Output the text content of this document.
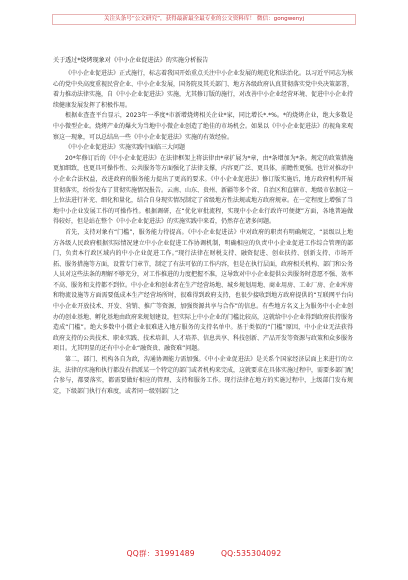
关注头条号“公文研究”，获得最新最全最专业的公文资料库！ 微信：gongwenyj
关于透过*烧烤现象对《中小企业促进法》的实施分析报告

《中小企业促进法》正式施行，标志着我国开始重点关注中小企业发展的规范化和法治化。以习近平同志为核心的党中央高度重视民营企业、中小企业发展，国务院及其关部门、地方各级政府认真贯彻落实党中央决策部署，着力推动法律实施，自《中小企业促进法》实施，尤其修订版的施行，对改善中小企业经营环境、促进中小企业持续健康发展发挥了积极作用。

根据业查查平台显示，2023年一季度*市新增烧烤相关企业*家，同比增长*.*%。*的烧烤企业，绝大多数是中小微型企业。烧烤产业的爆火为当地中小微企业创造了绝佳的市场机会。如果以《中小企业促进法》的视角来观察这一现象，可以总结出一些《中小企业促进法》实施的有效经验。

《中小企业促进法》实施实践中面临三大问题

20*年修订后的《中小企业促进法》在法律框架上将法律由*章扩展为*章，由*条增加为*条。规定的政策措施更加细致，也更具可操作性、公共服务等方面强化了法律支撑，内容更广泛、更具体，前瞻性更强。也针对推动中小企业合法权益，改进政府的服务能力提出了更高的要求。《中小企业促进法》修订版实施后，地方政府机构开展贯彻落实，纷纷发布了贯彻实施情况报告。云南、山东、贵州、新疆等多个省、自治区和直辖市、地级市依据这一上位法进行补充、细化和量化，结合自身现实情况制定了省级地方性法规或地方政府规章。在一定程度上增强了当地中小企业发展工作的可操作性。根据调研，在“优化审批流程，实现中小企业行政许可便捷”方面，各地普遍做得较好，但是站在整个《中小企业促进法》的实施实践中来看，仍然存在诸多问题。

首先，支持对象有“门槛”，服务能力待提高。《中小企业促进法》中对政府的职责有明确规定，“县级以上地方各级人民政府根据实际情况建立中小企业促进工作协调机制，明确相应的负责中小企业促进工作综合管理的部门，负责本行政区域内的中小企业促进工作。”现行法律在财税支持、融资促进、创业扶持、创新支持、市场开拓、服务措施等方面，设置专门章节，制定了有法可依的工作内容，但是在执行层面，政府相关机构、部门和公务人员对这些法条的理解不够充分，对工作推进的力度把握不准，这导致对中小企业提供公共服务时意愿不强、效率不高、服务和支持都不到位。中小企业和创业者在生产经营场地、城乡规划用地、商业用房、工业厂房、企业库房和物流设施等方面需要低成本生产经营场所时，很难得到政府支持，也很少接收到地方政府提供的“互联网平台向中小企业开放技术、开发、营销、推广等资源，加强资源共享与合作”的信息。有些地方名义上为服务中小企业创办的创业基地、孵化基地由政府来规划建设，但实际上中小企业的门槛比较高，这就给中小企业得到政府扶持服务造成“门槛”。绝大多数中小微企业很难进入地方服务的支持名单中。基于类似的“门槛”原因，中小企业无法获得政府支持的公共技术、职业实践、技术培训、人才培养、信息共享、科技创新、产品开发等资源与政策和众多服务项目。尤其明显的还有中小企业“融资贵、融资难”问题。

第二，部门、机构各自为政，沟通协调能力需加强。《中小企业促进法》是关系个国家经济层面上来进行的立法，法律的实施和执行都没有指派某一个特定的部门或者机构来完成，这就要求在具体实施过程中，需要多部门配合参与，都要落实，都需要做好相应的管理、支持和服务工作。现行法律在地方的实施过程中，上级部门发布规定，下级部门执行有难度，或者同一级别部门之

QQ群：31991489	QQ:535304092
